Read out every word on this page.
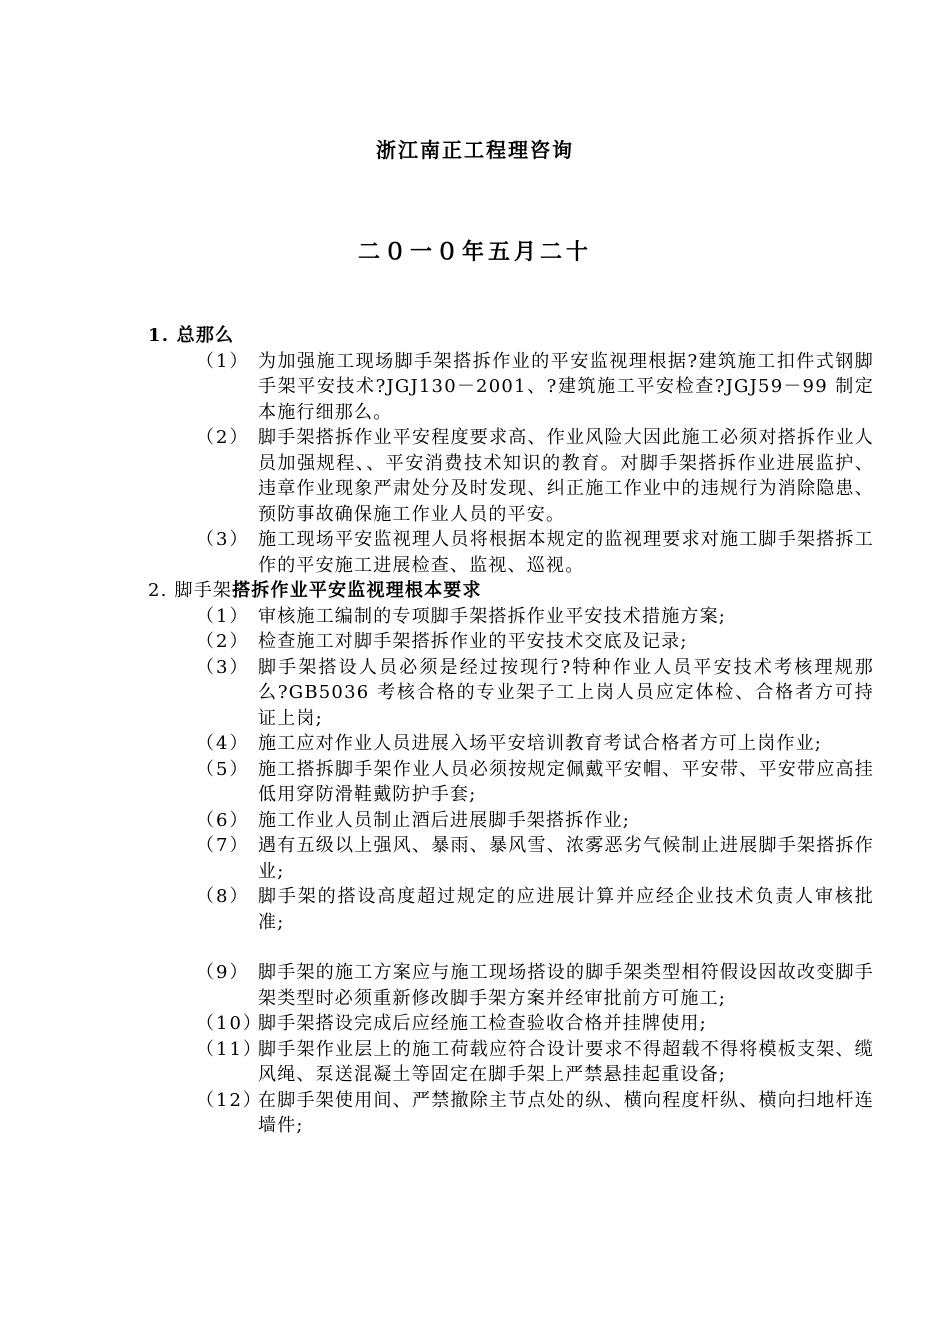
浙江南正工程理咨询
二０一０年五月二十
1. 总那么
（1） 为加强施工现场脚手架搭拆作业的平安监视理根据?建筑施工扣件式钢脚手架平安技术?JGJ130－2001、?建筑施工平安检查?JGJ59－99 制定本施行细那么。
（2） 脚手架搭拆作业平安程度要求高、作业风险大因此施工必须对搭拆作业人员加强规程、、平安消费技术知识的教育。对脚手架搭拆作业进展监护、违章作业现象严肃处分及时发现、纠正施工作业中的违规行为消除隐患、预防事故确保施工作业人员的平安。
（3） 施工现场平安监视理人员将根据本规定的监视理要求对施工脚手架搭拆工作的平安施工进展检查、监视、巡视。
2. 脚手架搭拆作业平安监视理根本要求
（1） 审核施工编制的专项脚手架搭拆作业平安技术措施方案;
（2） 检查施工对脚手架搭拆作业的平安技术交底及记录;
（3） 脚手架搭设人员必须是经过按现行?特种作业人员平安技术考核理规那么?GB5036 考核合格的专业架子工上岗人员应定体检、合格者方可持证上岗;
（4） 施工应对作业人员进展入场平安培训教育考试合格者方可上岗作业;
（5） 施工搭拆脚手架作业人员必须按规定佩戴平安帽、平安带、平安带应高挂低用穿防滑鞋戴防护手套;
（6） 施工作业人员制止酒后进展脚手架搭拆作业;
（7） 遇有五级以上强风、暴雨、暴风雪、浓雾恶劣气候制止进展脚手架搭拆作业;
（8） 脚手架的搭设高度超过规定的应进展计算并应经企业技术负责人审核批准;
（9） 脚手架的施工方案应与施工现场搭设的脚手架类型相符假设因故改变脚手架类型时必须重新修改脚手架方案并经审批前方可施工;
（10）
脚手架搭设完成后应经施工检查验收合格并挂牌使用;
（11）
脚手架作业层上的施工荷载应符合设计要求不得超载不得将模板支架、缆风绳、泵送混凝土等固定在脚手架上严禁悬挂起重设备;
（12）
在脚手架使用间、严禁撤除主节点处的纵、横向程度杆纵、横向扫地杆连墙件;
